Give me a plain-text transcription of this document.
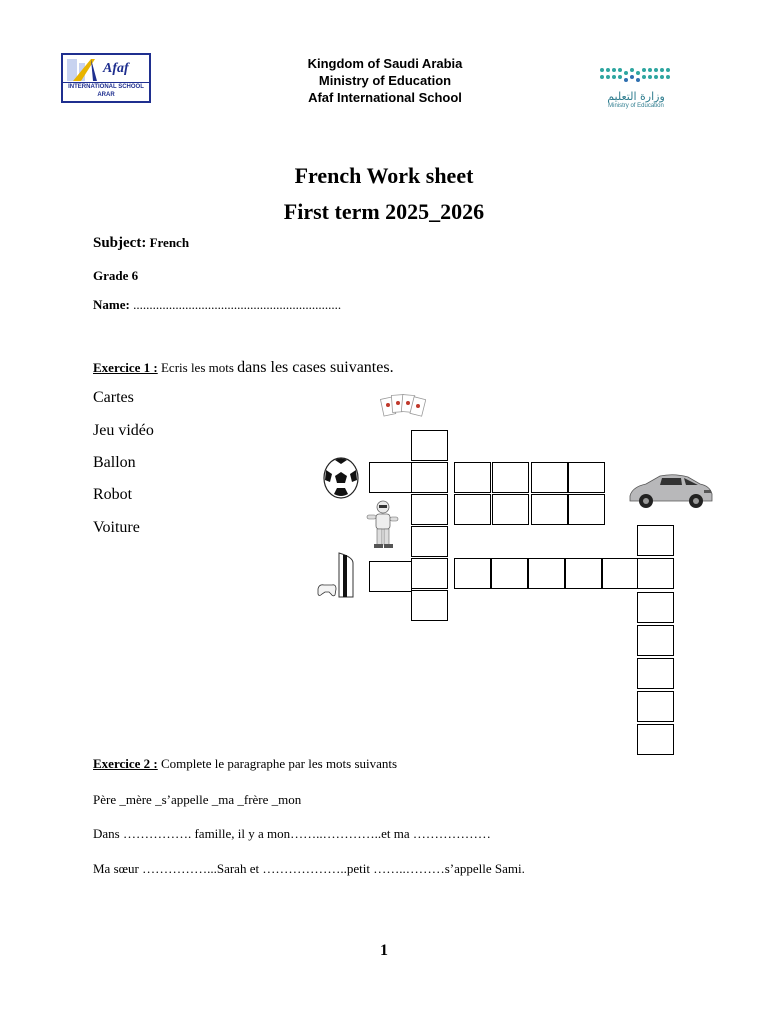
Afaf
INTERNATIONAL SCHOOL
ARAR
Kingdom of Saudi Arabia
Ministry of Education
Afaf International School	وزارة التعليم
Ministry of Education
French Work sheet
First term 2025_2026
Subject: French
Grade 6
Name: ................................................................
Exercice 1 : Ecris les mots dans les cases suivantes.
Cartes
Jeu vidéo
Ballon
Robot
Voiture
Exercice 2 : Complete le paragraphe par les mots suivants
Père _mère _s’appelle _ma _frère _mon
Dans ……………. famille, il y a mon……..…………..et ma ………………
Ma sœur ……………...Sarah et ………………..petit ……..………s’appelle Sami.
1
